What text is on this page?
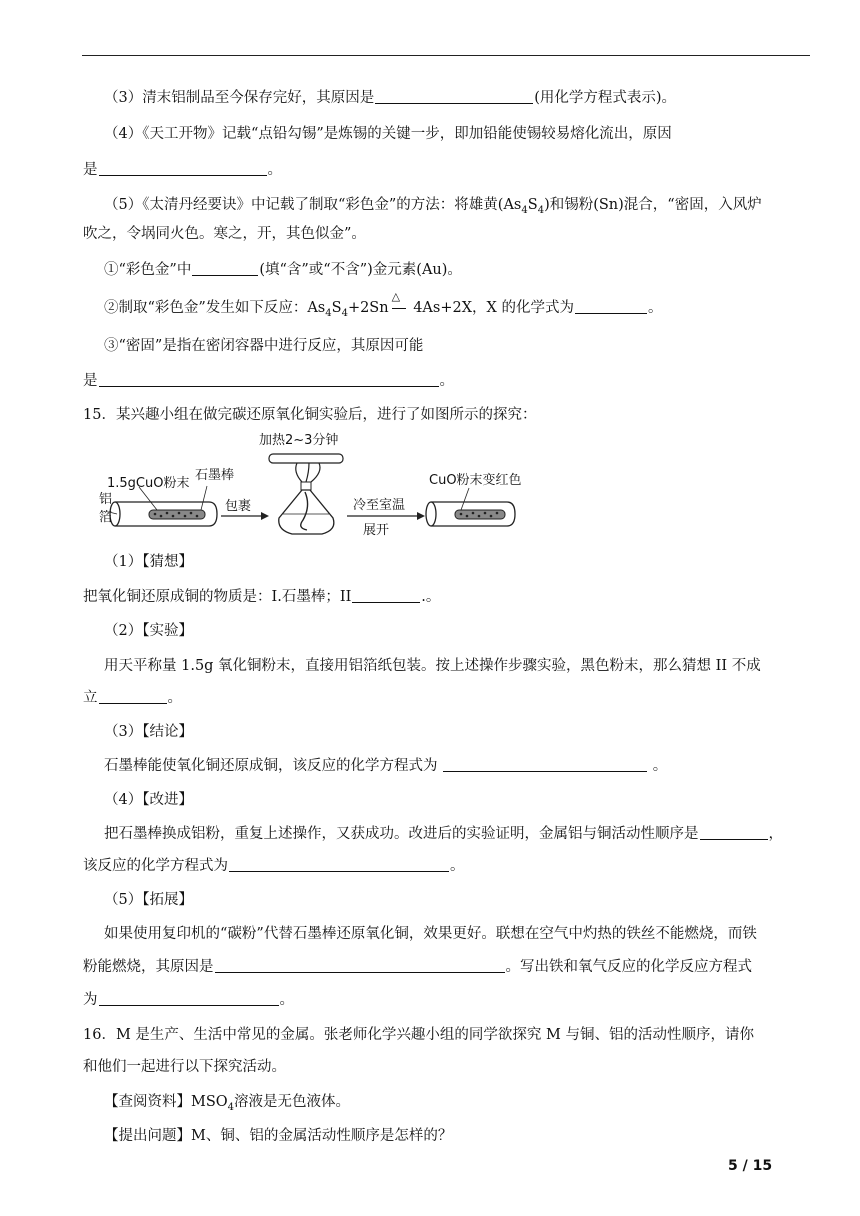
（3）清末铝制品至今保存完好，其原因是	(用化学方程式表示)。
（4）《天工开物》记载“点铅勾锡”是炼锡的关键一步，即加铅能使锡较易熔化流出，原因
是	。
（5）《太清丹经要诀》中记载了制取“彩色金”的方法：将雄黄$(As_4S_4)$和锡粉(Sn)混合，“密固，入风炉
吹之，令埚同火色。寒之，开，其色似金”。
①“彩色金”中	(填“含”或“不含”)金元素(Au)。
②制取“彩色金”发生如下反应：$As_4S_4+2Sn$
△
4As+2X，X 的化学式为	。
③“密固”是指在密闭容器中进行反应，其原因可能
是	。
15．某兴趣小组在做完碳还原氧化铜实验后，进行了如图所示的探究：
1.5gCuO粉末
石墨棒
铝
箔
包裹
加热2~3分钟
冷至室温
展开
CuO粉末变红色
（1）【猜想】
把氧化铜还原成铜的物质是：I.石墨棒；II	.。
（2）【实验】
用天平称量 1.5g 氧化铜粉末，直接用铝箔纸包装。按上述操作步骤实验，黑色粉末，那么猜想 II 不成
立	。
（3）【结论】
石墨棒能使氧化铜还原成铜，该反应的化学方程式为	。
（4）【改进】
把石墨棒换成铝粉，重复上述操作，又获成功。改进后的实验证明，金属铝与铜活动性顺序是	，
该反应的化学方程式为	。
（5）【拓展】
如果使用复印机的“碳粉”代替石墨棒还原氧化铜，效果更好。联想在空气中灼热的铁丝不能燃烧，而铁
粉能燃烧，其原因是	。写出铁和氧气反应的化学反应方程式
为	。
16．M 是生产、生活中常见的金属。张老师化学兴趣小组的同学欲探究 M 与铜、铝的活动性顺序，请你
和他们一起进行以下探究活动。
【查阅资料】$MSO_4$溶液是无色液体。
【提出问题】M、铜、铝的金属活动性顺序是怎样的？
5 / 15
